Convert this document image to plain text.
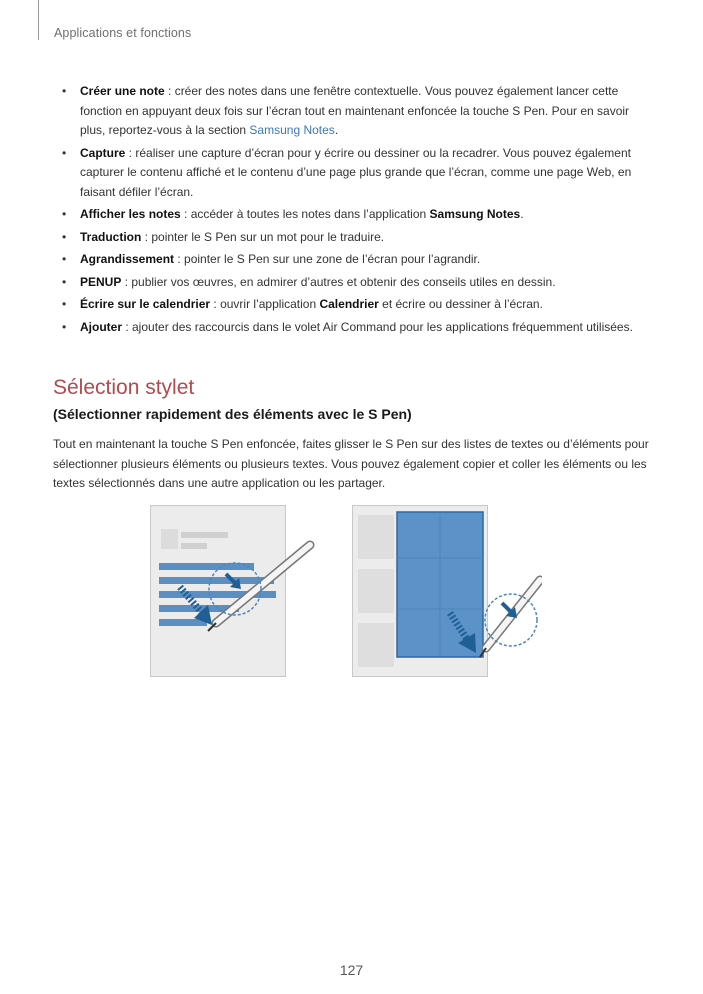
Applications et fonctions
• Créer une note : créer des notes dans une fenêtre contextuelle. Vous pouvez également lancer cette fonction en appuyant deux fois sur l’écran tout en maintenant enfoncée la touche S Pen. Pour en savoir plus, reportez-vous à la section Samsung Notes.
• Capture : réaliser une capture d’écran pour y écrire ou dessiner ou la recadrer. Vous pouvez également capturer le contenu affiché et le contenu d’une page plus grande que l’écran, comme une page Web, en faisant défiler l’écran.
• Afficher les notes : accéder à toutes les notes dans l’application Samsung Notes.
• Traduction : pointer le S Pen sur un mot pour le traduire.
• Agrandissement : pointer le S Pen sur une zone de l’écran pour l’agrandir.
• PENUP : publier vos œuvres, en admirer d’autres et obtenir des conseils utiles en dessin.
• Écrire sur le calendrier : ouvrir l’application Calendrier et écrire ou dessiner à l’écran.
• Ajouter : ajouter des raccourcis dans le volet Air Command pour les applications fréquemment utilisées.
Sélection stylet
(Sélectionner rapidement des éléments avec le S Pen)
Tout en maintenant la touche S Pen enfoncée, faites glisser le S Pen sur des listes de textes ou d’éléments pour sélectionner plusieurs éléments ou plusieurs textes. Vous pouvez également copier et coller les éléments ou les textes sélectionnés dans une autre application ou les partager.
127
